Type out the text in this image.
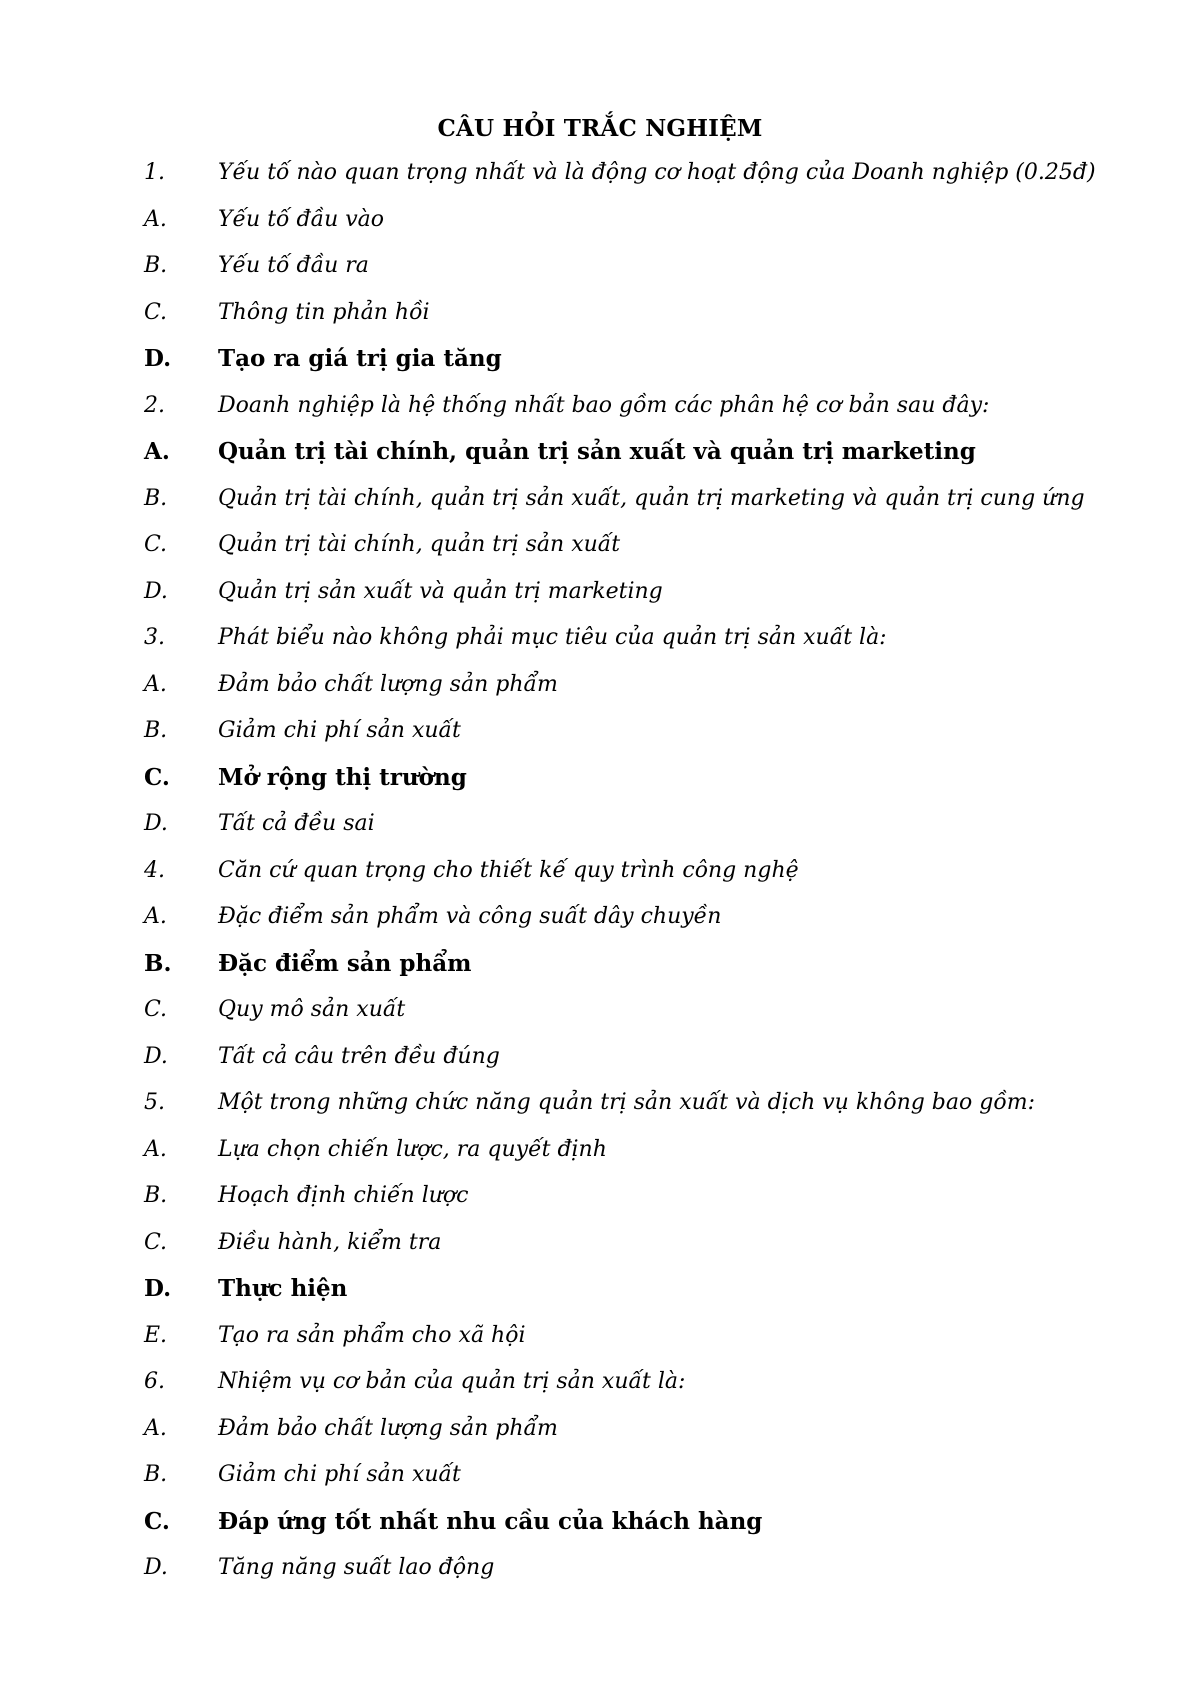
CÂU HỎI TRẮC NGHIỆM
1. Yếu tố nào quan trọng nhất và là động cơ hoạt động của Doanh nghiệp (0.25đ)
A. Yếu tố đầu vào
B. Yếu tố đầu ra
C. Thông tin phản hồi
D. Tạo ra giá trị gia tăng
2. Doanh nghiệp là hệ thống nhất bao gồm các phân hệ cơ bản sau đây:
A. Quản trị tài chính, quản trị sản xuất và quản trị marketing
B. Quản trị tài chính, quản trị sản xuất, quản trị marketing và quản trị cung ứng
C. Quản trị tài chính, quản trị sản xuất
D. Quản trị sản xuất và quản trị marketing
3. Phát biểu nào không phải mục tiêu của quản trị sản xuất là:
A. Đảm bảo chất lượng sản phẩm
B. Giảm chi phí sản xuất
C. Mở rộng thị trường
D. Tất cả đều sai
4. Căn cứ quan trọng cho thiết kế quy trình công nghệ
A. Đặc điểm sản phẩm và công suất dây chuyền
B. Đặc điểm sản phẩm
C. Quy mô sản xuất
D. Tất cả câu trên đều đúng
5. Một trong những chức năng quản trị sản xuất và dịch vụ không bao gồm:
A. Lựa chọn chiến lược, ra quyết định
B. Hoạch định chiến lược
C. Điều hành, kiểm tra
D. Thực hiện
E. Tạo ra sản phẩm cho xã hội
6. Nhiệm vụ cơ bản của quản trị sản xuất là:
A. Đảm bảo chất lượng sản phẩm
B. Giảm chi phí sản xuất
C. Đáp ứng tốt nhất nhu cầu của khách hàng
D. Tăng năng suất lao động
